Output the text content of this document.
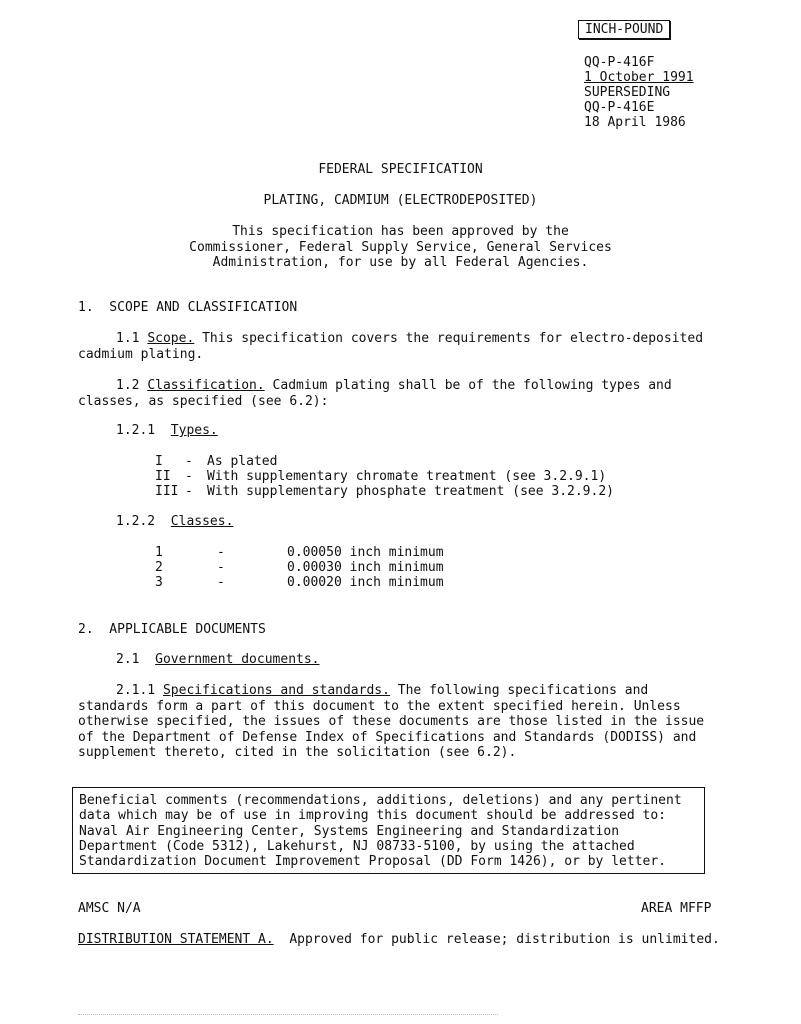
INCH-POUND
QQ-P-416F
1 October 1991
SUPERSEDING
QQ-P-416E
18 April 1986
FEDERAL SPECIFICATION
PLATING, CADMIUM (ELECTRODEPOSITED)
This specification has been approved by the
Commissioner, Federal Supply Service, General Services
Administration, for use by all Federal Agencies.
1.  SCOPE AND CLASSIFICATION
1.1 Scope. This specification covers the requirements for electro-deposited cadmium plating.
1.2 Classification. Cadmium plating shall be of the following types and classes, as specified (see 6.2):
1.2.1 Types.
I - As plated
II - With supplementary chromate treatment (see 3.2.9.1)
III - With supplementary phosphate treatment (see 3.2.9.2)
1.2.2 Classes.
1	-	0.00050 inch minimum
2	-	0.00030 inch minimum
3	-	0.00020 inch minimum
2.  APPLICABLE DOCUMENTS
2.1 Government documents.
2.1.1 Specifications and standards. The following specifications and standards form a part of this document to the extent specified herein. Unless otherwise specified, the issues of these documents are those listed in the issue of the Department of Defense Index of Specifications and Standards (DODISS) and supplement thereto, cited in the solicitation (see 6.2).
Beneficial comments (recommendations, additions, deletions) and any pertinent data which may be of use in improving this document should be addressed to: Naval Air Engineering Center, Systems Engineering and Standardization Department (Code 5312), Lakehurst, NJ 08733-5100, by using the attached Standardization Document Improvement Proposal (DD Form 1426), or by letter.
AMSC N/A	AREA MFFP
DISTRIBUTION STATEMENT A. Approved for public release; distribution is unlimited.
